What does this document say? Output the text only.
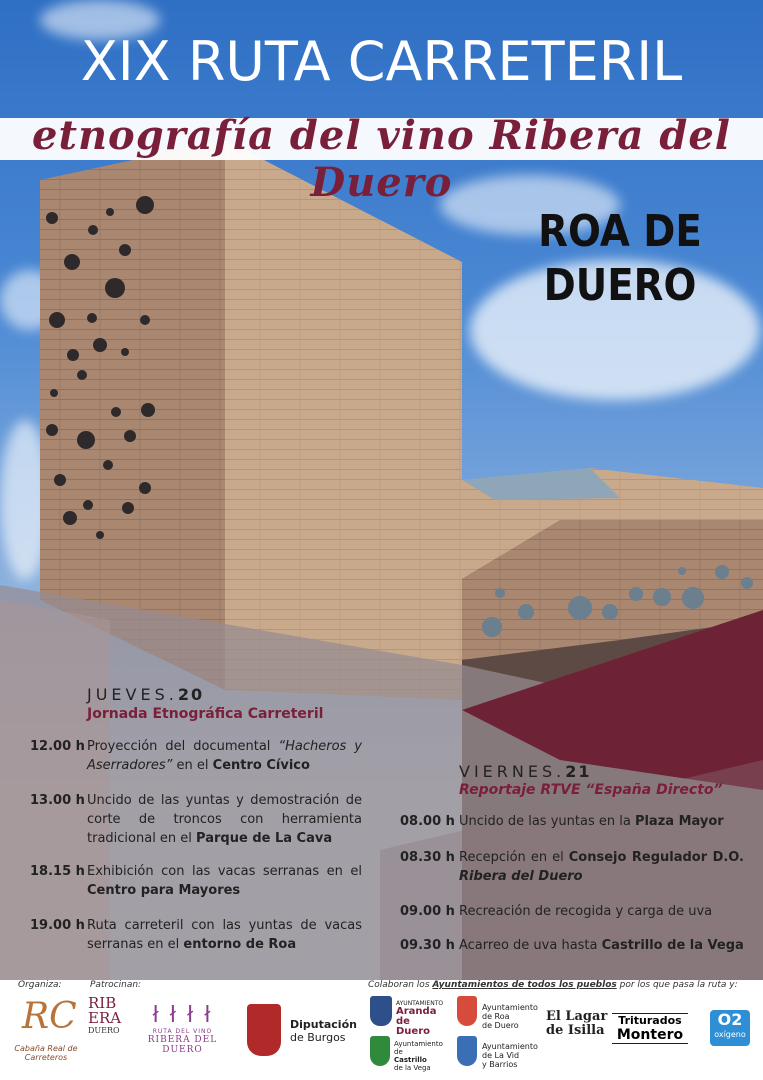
XIX RUTA CARRETERIL
etnografía del vino Ribera del Duero
ROA DE
DUERO
JUEVES.20
Jornada Etnográfica Carreteril
12.00 h Proyección del documental “Hacheros y Aserradores” en el Centro Cívico
13.00 h Uncido de las yuntas y demostración de corte de troncos con herramienta tradicional en el Parque de La Cava
18.15 h Exhibición con las vacas serranas en el Centro para Mayores
19.00 h Ruta carreteril con las yuntas de vacas serranas en el entorno de Roa
VIERNES.21
Reportaje RTVE “España Directo”
08.00 h Uncido de las yuntas en la Plaza Mayor
08.30 h Recepción en el Consejo Regulador D.O. Ribera del Duero
09.00 h Recreación de recogida y carga de uva
09.30 h Acarreo de uva hasta Castrillo de la Vega
Organiza:	Patrocinan:	Colaboran los Ayuntamientos de todos los pueblos por los que pasa la ruta y:
RC
Cabaña Real de Carreteros
RIBERA
DUERO
ł ł ł ł
RUTA DEL VINO
RIBERA DEL DUERO
Diputación
de Burgos
AYUNTAMIENTO
Aranda de Duero
Ayuntamiento
de Roa
de Duero
Ayuntamiento
de
Castrillo
de la Vega
Ayuntamiento
de La Vid
y Barrios
El Lagar
de Isilla
Triturados
Montero
O2
oxígeno
